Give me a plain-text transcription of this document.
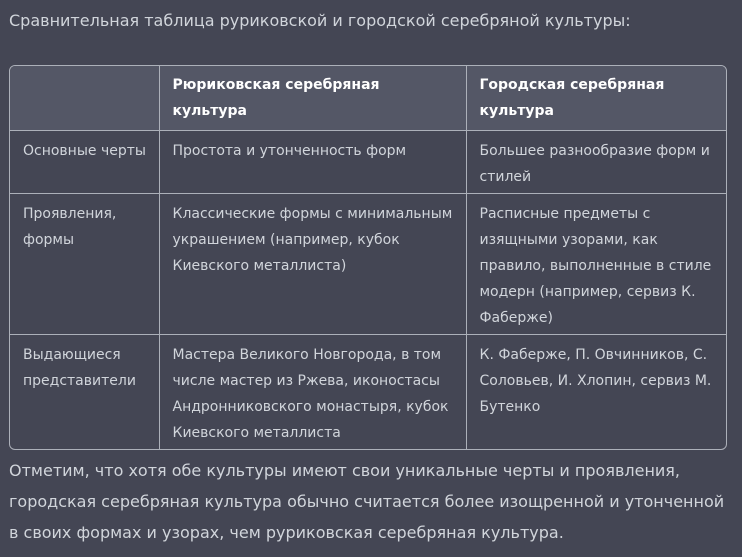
Сравнительная таблица рурикoвской и городской серебряной культуры:

	Рюриковская серебряная культура	Городская серебряная культура
Основные черты	Простота и утонченность форм	Большее разнообразие форм и стилей
Проявления, формы	Классические формы с минимальным украшением (например, кубок Киевского металлиста)	Расписные предметы с изящными узорами, как правило, выполненные в стиле модерн (например, сервиз К. Фаберже)
Выдающиеся представители	Мастера Великого Новгорода, в том числе мастер из Ржева, иконостасы Андронниковского монастыря, кубок Киевского металлиста	К. Фаберже, П. Овчинников, С. Соловьев, И. Хлопин, сервиз М. Бутенко

Отметим, что хотя обе культуры имеют свои уникальные черты и проявления, городская серебряная культура обычно считается более изощренной и утонченной в своих формах и узорах, чем рурикoвская серебряная культура.
